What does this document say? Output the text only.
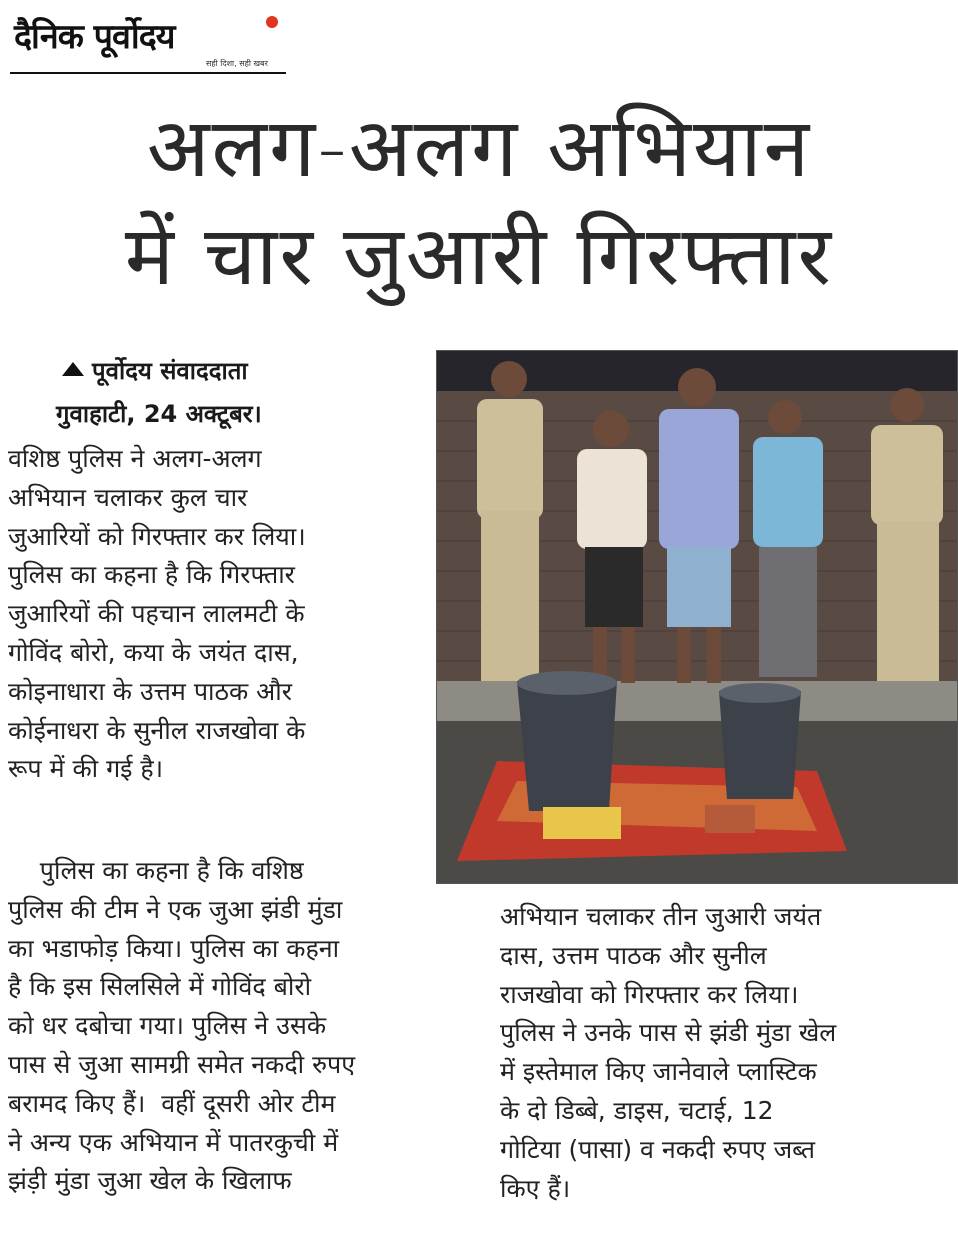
दैनिक पूर्वोदय
सही दिशा, सही खबर
अलग-अलग अभियान
में चार जुआरी गिरफ्तार
पूर्वोदय संवाददाता
गुवाहाटी, 24 अक्टूबर।
वशिष्ठ पुलिस ने अलग-अलग
अभियान चलाकर कुल चार
जुआरियों को गिरफ्तार कर लिया।
पुलिस का कहना है कि गिरफ्तार
जुआरियों की पहचान लालमटी के
गोविंद बोरो, कया के जयंत दास,
कोइनाधारा के उत्तम पाठक और
कोईनाधरा के सुनील राजखोवा के
रूप में की गई है।
पुलिस का कहना है कि वशिष्ठ
पुलिस की टीम ने एक जुआ झंडी मुंडा
का भडाफोड़ किया। पुलिस का कहना
है कि इस सिलसिले में गोविंद बोरो
को धर दबोचा गया। पुलिस ने उसके
पास से जुआ सामग्री समेत नकदी रुपए
बरामद किए हैं।  वहीं दूसरी ओर टीम
ने अन्य एक अभियान में पातरकुची में
झंड़ी मुंडा जुआ खेल के खिलाफ
अभियान चलाकर तीन जुआरी जयंत
दास, उत्तम पाठक और सुनील
राजखोवा को गिरफ्तार कर लिया।
पुलिस ने उनके पास से झंडी मुंडा खेल
में इस्तेमाल किए जानेवाले प्लास्टिक
के दो डिब्बे, डाइस, चटाई, 12
गोटिया (पासा) व नकदी रुपए जब्त
किए हैं।
